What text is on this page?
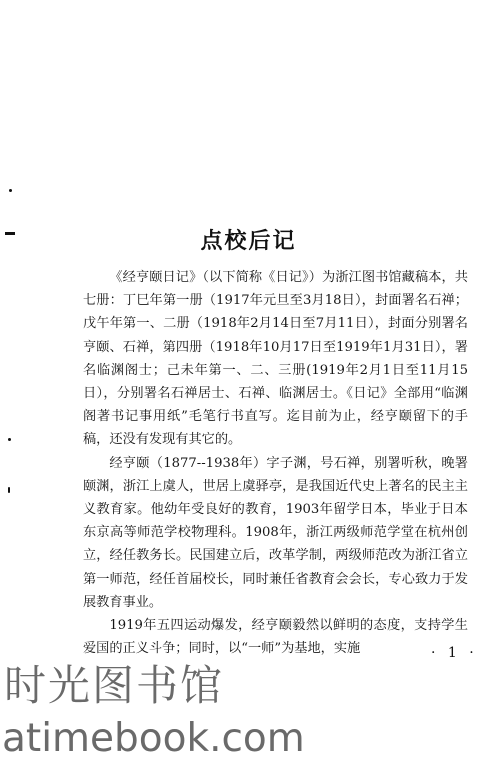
点校后记

《经亨颐日记》（以下简称《日记》）为浙江图书馆藏稿本，共七册：丁巳年第一册（1917年元旦至3月18日），封面署名石禅；戊午年第一、二册（1918年2月14日至7月11日），封面分别署名亨颐、石禅，第四册（1918年10月17日至1919年1月31日），署名临渊阁士；己未年第一、二、三册(1919年2月1日至11月15日），分别署名石禅居士、石禅、临渊居士。《日记》全部用“临渊阁著书记事用纸”毛笔行书直写。迄目前为止，经亨颐留下的手稿，还没有发现有其它的。

经亨颐（1877--1938年）字子渊，号石禅，别署听秋，晚署颐渊，浙江上虞人，世居上虞驿亭，是我国近代史上著名的民主主义教育家。他幼年受良好的教育，1903年留学日本，毕业于日本东京高等师范学校物理科。1908年，浙江两级师范学堂在杭州创立，经任教务长。民国建立后，改革学制，两级师范改为浙江省立第一师范，经任首届校长，同时兼任省教育会会长，专心致力于发展教育事业。

1919年五四运动爆发，经亨颐毅然以鲜明的态度，支持学生爱国的正义斗争；同时，以“一师”为基地，实施	· 1 ·
时光图书馆
atimebook.com
